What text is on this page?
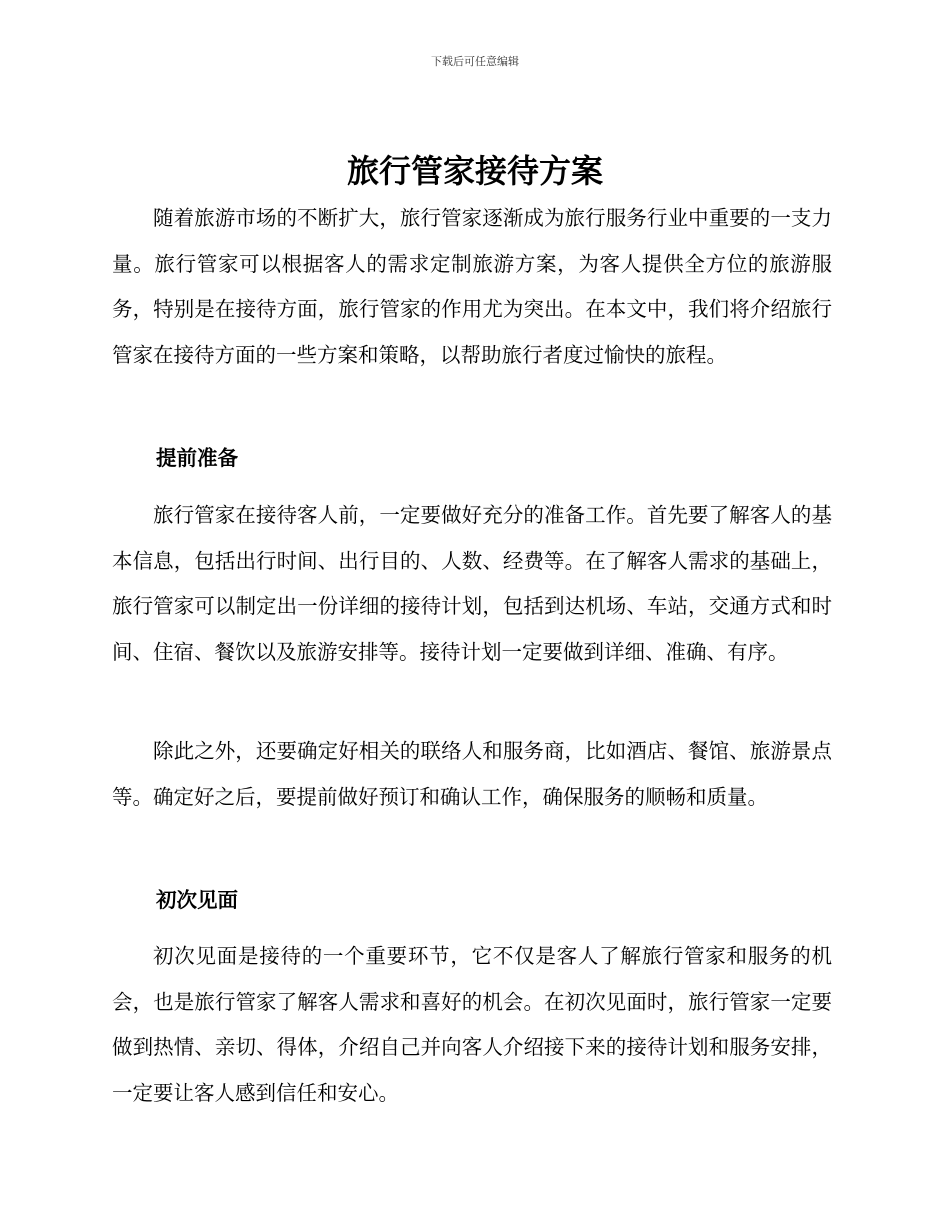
下载后可任意编辑
旅行管家接待方案

随着旅游市场的不断扩大，旅行管家逐渐成为旅行服务行业中重要的一支力量。旅行管家可以根据客人的需求定制旅游方案，为客人提供全方位的旅游服务，特别是在接待方面，旅行管家的作用尤为突出。在本文中，我们将介绍旅行管家在接待方面的一些方案和策略，以帮助旅行者度过愉快的旅程。

提前准备

旅行管家在接待客人前，一定要做好充分的准备工作。首先要了解客人的基本信息，包括出行时间、出行目的、人数、经费等。在了解客人需求的基础上，旅行管家可以制定出一份详细的接待计划，包括到达机场、车站，交通方式和时间、住宿、餐饮以及旅游安排等。接待计划一定要做到详细、准确、有序。

除此之外，还要确定好相关的联络人和服务商，比如酒店、餐馆、旅游景点等。确定好之后，要提前做好预订和确认工作，确保服务的顺畅和质量。

初次见面

初次见面是接待的一个重要环节，它不仅是客人了解旅行管家和服务的机会，也是旅行管家了解客人需求和喜好的机会。在初次见面时，旅行管家一定要做到热情、亲切、得体，介绍自己并向客人介绍接下来的接待计划和服务安排，一定要让客人感到信任和安心。
